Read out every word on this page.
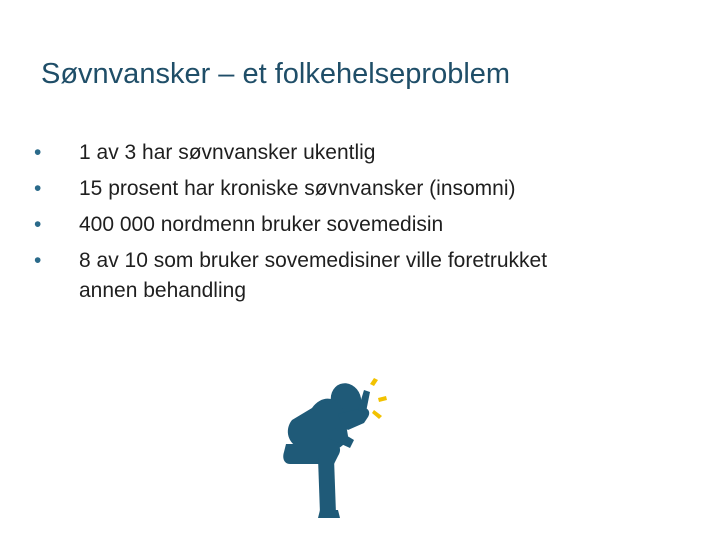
Søvnvansker – et folkehelseproblem
•	1 av 3 har søvnvansker ukentlig
•	15 prosent har kroniske søvnvansker (insomni)
•	400 000 nordmenn bruker sovemedisin
•	8 av 10 som bruker sovemedisiner ville foretrukket annen behandling
